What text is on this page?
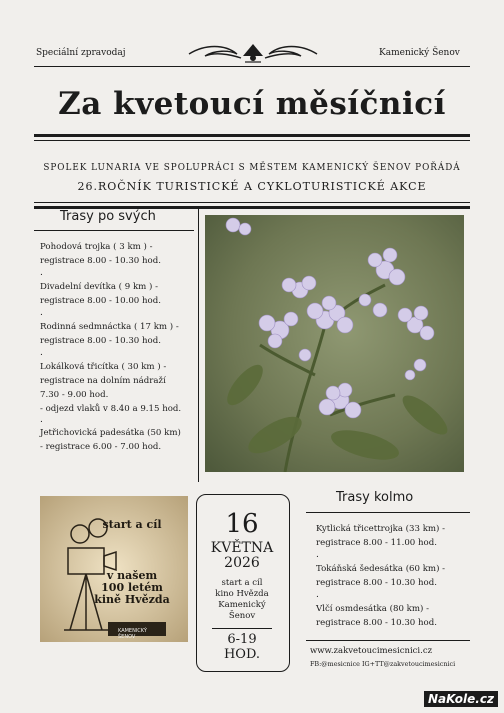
Speciální zpravodaj	Kamenický Šenov
Za kvetoucí měsíčnicí
SPOLEK LUNARIA VE SPOLUPRÁCI S MĚSTEM KAMENICKÝ ŠENOV POŘÁDÁ
26.ROČNÍK TURISTICKÉ A CYKLOTURISTICKÉ AKCE
Trasy po svých
Pohodová trojka ( 3 km ) -
registrace 8.00 - 10.30 hod.
.
Divadelní devítka ( 9 km ) -
registrace 8.00 - 10.00 hod.
.
Rodinná sedmnáctka ( 17 km ) -
registrace 8.00 - 10.30 hod.
.
Lokálková třicítka ( 30 km ) -
registrace na dolním nádraží
7.30 - 9.00 hod.
- odjezd vlaků v 8.40 a 9.15 hod.
.
Jetřichovická padesátka (50 km)
- registrace 6.00 - 7.00 hod.
start a cíl
v našem
100 letém
kině Hvězda
KAMENICKÝ
ŠENOV
16
KVĚTNA
2026
start a cíl
kino Hvězda
Kamenický
Šenov
6-19
HOD.
Trasy kolmo
Kytlická třicettrojka (33 km) -
registrace 8.00 - 11.00 hod.
.
Tokáňská šedesátka (60 km) -
registrace 8.00 - 10.30 hod.
.
Vlčí osmdesátka (80 km) -
registrace 8.00 - 10.30 hod.
www.zakvetoucimesicnici.cz
FB:@mesicnice IG+TT@zakvetoucimesicnici
NaKole.cz
